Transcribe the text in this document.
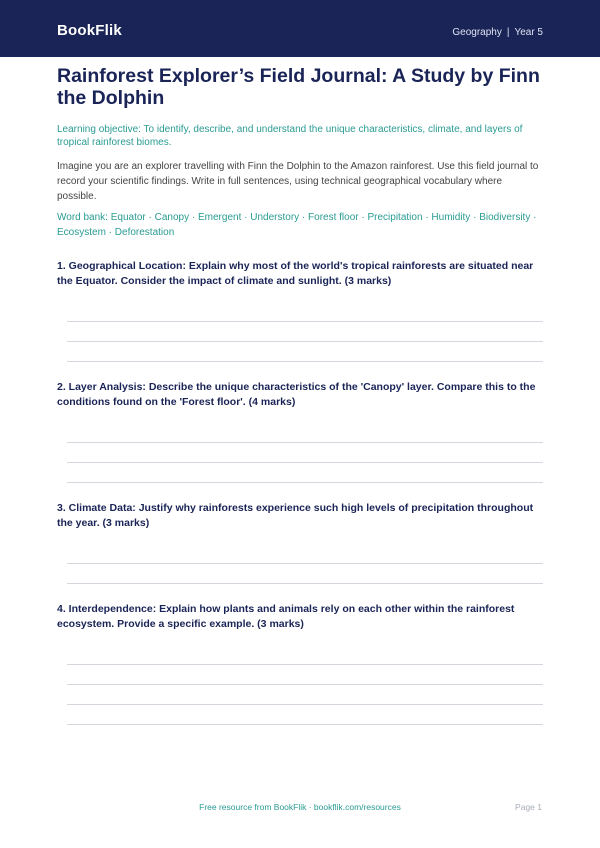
BookFlik	Geography | Year 5
Rainforest Explorer’s Field Journal: A Study by Finn the Dolphin

Learning objective: To identify, describe, and understand the unique characteristics, climate, and layers of tropical rainforest biomes.

Imagine you are an explorer travelling with Finn the Dolphin to the Amazon rainforest. Use this field journal to record your scientific findings. Write in full sentences, using technical geographical vocabulary where possible.

Word bank: Equator · Canopy · Emergent · Understory · Forest floor · Precipitation · Humidity · Biodiversity · Ecosystem · Deforestation

1. Geographical Location: Explain why most of the world's tropical rainforests are situated near the Equator. Consider the impact of climate and sunlight. (3 marks)

2. Layer Analysis: Describe the unique characteristics of the 'Canopy' layer. Compare this to the conditions found on the 'Forest floor'. (4 marks)

3. Climate Data: Justify why rainforests experience such high levels of precipitation throughout the year. (3 marks)

4. Interdependence: Explain how plants and animals rely on each other within the rainforest ecosystem. Provide a specific example. (3 marks)

Free resource from BookFlik · bookflik.com/resources	Page 1
